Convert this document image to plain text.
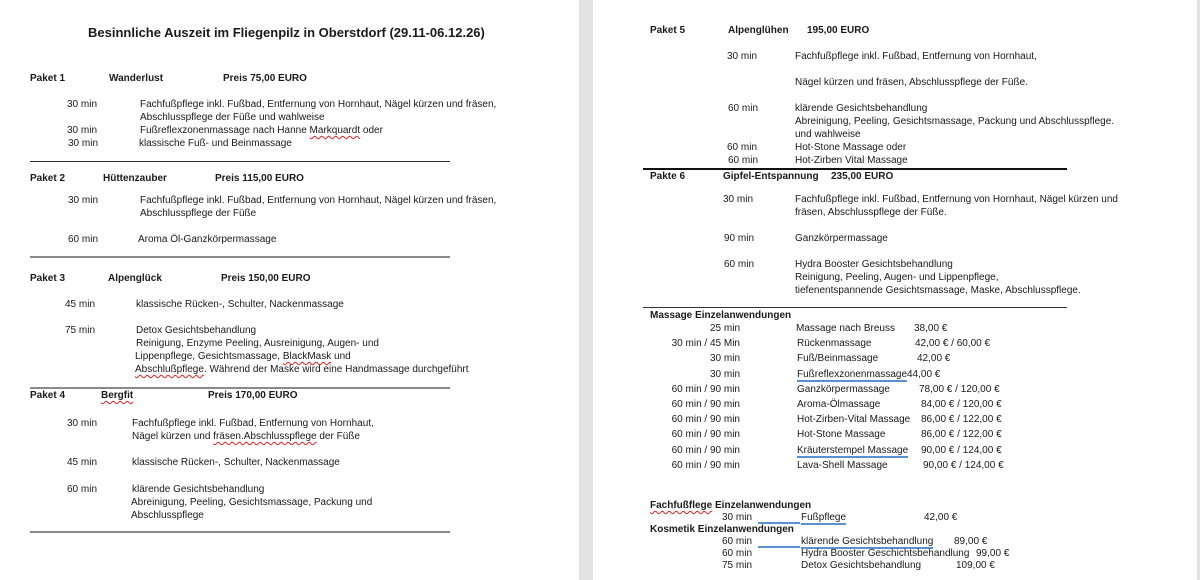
Besinnliche Auszeit im Fliegenpilz in Oberstdorf (29.11-06.12.26)
Paket 1	Wanderlust	Preis 75,00 EURO
30 min	Fachfußpflege inkl. Fußbad, Entfernung von Hornhaut, Nägel kürzen und fräsen,
Abschlusspflege der Füße und wahlweise
30 min	Fußreflexzonenmassage nach Hanne Markquardt oder
30 min	klassische Fuß- und Beinmassage
Paket 2	Hüttenzauber	Preis 115,00 EURO
30 min	Fachfußpflege inkl. Fußbad, Entfernung von Hornhaut, Nägel kürzen und fräsen,
Abschlusspflege der Füße
60 min	Aroma Öl-Ganzkörpermassage
Paket 3	Alpenglück	Preis 150,00 EURO
45 min	klassische Rücken-, Schulter, Nackenmassage
75 min	Detox Gesichtsbehandlung
Reinigung, Enzyme Peeling, Ausreinigung, Augen- und
Lippenpflege, Gesichtsmassage, BlackMask und
Abschlußpflege. Während der Maske wird eine Handmassage durchgeführt
Paket 4	Bergfit	Preis 170,00 EURO
30 min	Fachfußpflege inkl. Fußbad, Entfernung von Hornhaut,
Nägel kürzen und fräsen.Abschlusspflege der Füße
45 min	klassische Rücken-, Schulter, Nackenmassage
60 min	klärende Gesichtsbehandlung
Abreinigung, Peeling, Gesichtsmassage, Packung und
Abschlusspflege
Paket 5	Alpenglühen 195,00 EURO
30 min	Fachfußpflege inkl. Fußbad, Entfernung von Hornhaut,
Nägel kürzen und fräsen, Abschlusspflege der Füße.
60 min	klärende Gesichtsbehandlung
Abreinigung, Peeling, Gesichtsmassage, Packung und Abschlusspflege.
und wahlweise
60 min	Hot-Stone Massage oder
60 min	Hot-Zirben Vital Massage
Pakte 6	Gipfel-Entspannung 235,00 EURO
30 min	Fachfußpflege inkl. Fußbad, Entfernung von Hornhaut, Nägel kürzen und
fräsen, Abschlusspflege der Füße.
90 min	Ganzkörpermassage
60 min	Hydra Booster Gesichtsbehandlung
Reinigung, Peeling, Augen- und Lippenpflege,
tiefenentspannende Gesichtsmassage, Maske, Abschlusspflege.
Massage Einzelanwendungen
25 min	Massage nach Breuss 38,00 €
30 min / 45 Min	Rückenmassage	42,00 € / 60,00 €
30 min	Fuß/Beinmassage	42,00 €
30 min	Fußreflexzonenmassage 44,00 €
60 min / 90 min	Ganzkörpermassage	78,00 € / 120,00 €
60 min / 90 min	Aroma-Ölmassage	84,00 € / 120,00 €
60 min / 90 min	Hot-Zirben-Vital Massage 86,00 € / 122,00 €
60 min / 90 min	Hot-Stone Massage	86,00 € / 122,00 €
60 min / 90 min	Kräuterstempel Massage 90,00 € / 124,00 €
60 min / 90 min	Lava-Shell Massage	90,00 € / 124,00 €
Fachfußflege Einzelanwendungen
30 min	Fußpflege	42,00 €
Kosmetik Einzelanwendungen
60 min	klärende Gesichtsbehandlung 89,00 €
60 min	Hydra Booster Geschichtsbehandlung 99,00 €
75 min	Detox Gesichtsbehandlung	109,00 €
